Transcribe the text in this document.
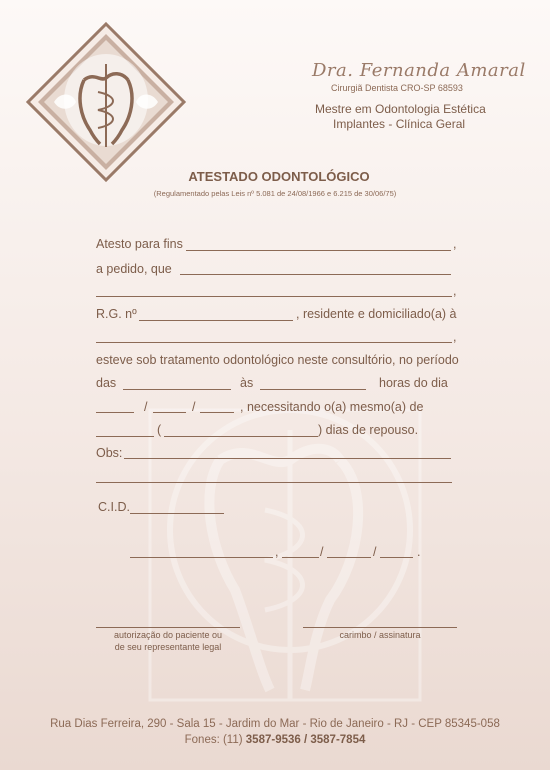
Dra. Fernanda Amaral
Cirurgiã Dentista CRO-SP 68593
Mestre em Odontologia Estética
Implantes - Clínica Geral
ATESTADO ODONTOLÓGICO
(Regulamentado pelas Leis nº 5.081 de 24/08/1966 e 6.215 de 30/06/75)
Atesto para fins	,
a pedido, que
,
R.G. nº	, residente e domiciliado(a) à
,
esteve sob tratamento odontológico neste consultório, no período
das	às	horas do dia
/	/	, necessitando o(a) mesmo(a) de
(	) dias de repouso.
Obs:
C.I.D.
,	/	/	.
autorização do paciente ou
de seu representante legal
carimbo / assinatura
Rua Dias Ferreira, 290 - Sala 15 - Jardim do Mar - Rio de Janeiro - RJ - CEP 85345-058
Fones: (11) 3587-9536 / 3587-7854
